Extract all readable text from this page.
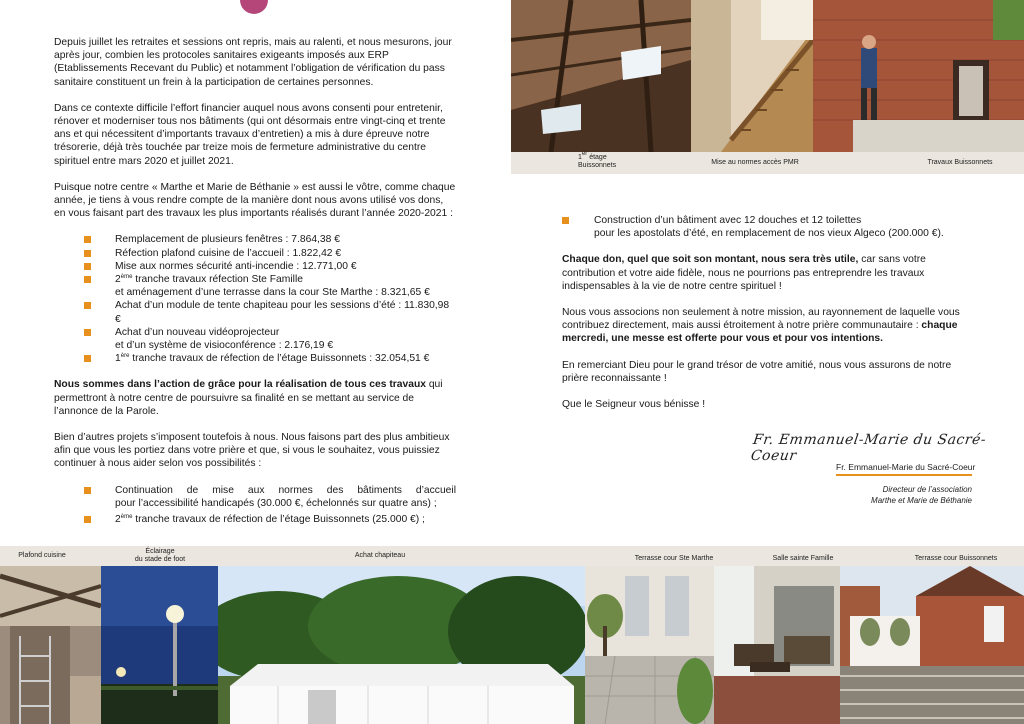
Depuis juillet les retraites et sessions ont repris, mais au ralenti, et nous mesurons, jour après jour, combien les protocoles sanitaires exigeants imposés aux ERP (Etablissements Recevant du Public) et notamment l’obligation de vérification du pass sanitaire constituent un frein à la participation de certaines personnes.

Dans ce contexte difficile l’effort financier auquel nous avons consenti pour entretenir, rénover et moderniser tous nos bâtiments (qui ont désormais entre vingt-cinq et trente ans et qui nécessitent d’importants travaux d’entretien) a mis à dure épreuve notre trésorerie, déjà très touchée par treize mois de fermeture administrative du centre spirituel entre mars 2020 et juillet 2021.

Puisque notre centre « Marthe et Marie de Béthanie » est aussi le vôtre, comme chaque année, je tiens à vous rendre compte de la manière dont nous avons utilisé vos dons, en vous faisant part des travaux les plus importants réalisés durant l’année 2020-2021 :

Remplacement de plusieurs fenêtres : 7.864,38 €
Réfection plafond cuisine de l’accueil : 1.822,42 €
Mise aux normes sécurité anti-incendie : 12.771,00 €
2ème tranche travaux réfection Ste Famille
et aménagement d’une terrasse dans la cour Ste Marthe : 8.321,65 €
Achat d’un module de tente chapiteau pour les sessions d’été : 11.830,98 €
Achat d’un nouveau vidéoprojecteur
et d’un système de visioconférence : 2.176,19 €
1ère tranche travaux de réfection de l’étage Buissonnets : 32.054,51 €

Nous sommes dans l’action de grâce pour la réalisation de tous ces travaux qui permettront à notre centre de poursuivre sa finalité en se mettant au service de l’annonce de la Parole.

Bien d’autres projets s’imposent toutefois à nous. Nous faisons part des plus ambitieux afin que vous les portiez dans votre prière et que, si vous le souhaitez, vous puissiez continuer à nous aider selon vos possibilités :

Continuation de mise aux normes des bâtiments d’accueil
pour l’accessibilité handicapés (30.000 €, échelonnés sur quatre ans) ;
2ème tranche travaux de réfection de l’étage Buissonnets (25.000 €) ;
1er étage
Buissonnets	Mise au normes accès PMR	Travaux Buissonnets
Construction d’un bâtiment avec 12 douches et 12 toilettes
pour les apostolats d’été, en remplacement de nos vieux Algeco (200.000 €).

Chaque don, quel que soit son montant, nous sera très utile, car sans votre contribution et votre aide fidèle, nous ne pourrions pas entreprendre les travaux indispensables à la vie de notre centre spirituel !

Nous vous associons non seulement à notre mission, au rayonnement de laquelle vous contribuez directement, mais aussi étroitement à notre prière communautaire : chaque mercredi, une messe est offerte pour vous et pour vos intentions.

En remerciant Dieu pour le grand trésor de votre amitié, nous vous assurons de notre prière reconnaissante !

Que le Seigneur vous bénisse !

Fr. Emmanuel-Marie du Sacré-Coeur
Fr. Emmanuel-Marie du Sacré-Coeur
Directeur de l’association
Marthe et Marie de Béthanie
Plafond cuisine
Éclairage
du stade de foot
Achat chapiteau	Terrasse cour Ste Marthe	Salle sainte Famille	Terrasse cour Buissonnets
